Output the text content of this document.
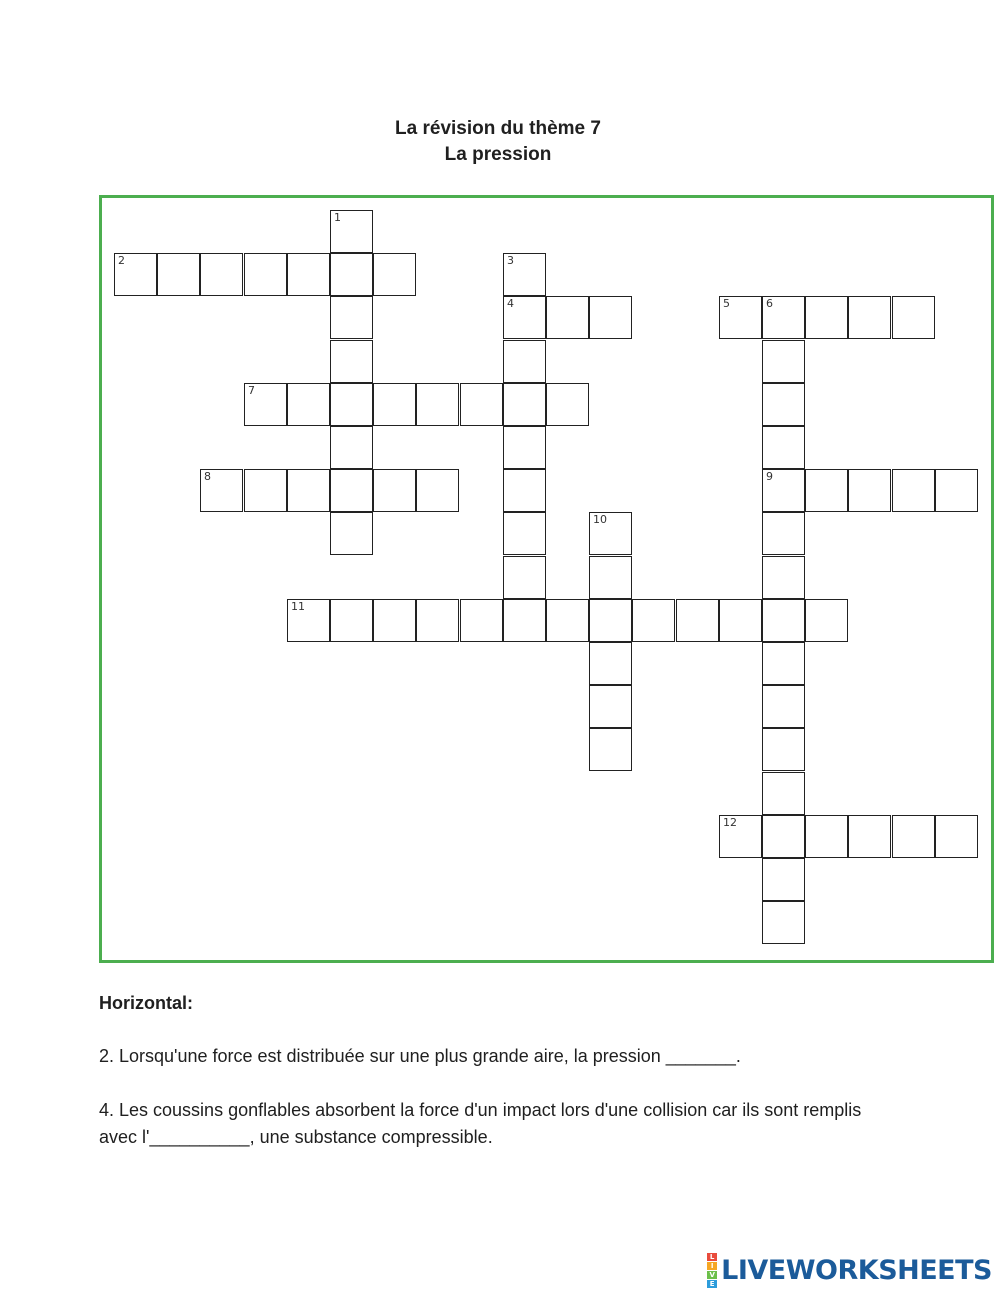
La révision du thème 7
La pression
1
2	3
4	5	6
9
7
8
10
11
12
Horizontal:

2. Lorsqu'une force est distribuée sur une plus grande aire, la pression _______.

4. Les coussins gonflables absorbent la force d'un impact lors d'une collision car ils sont remplis avec l'__________, une substance compressible.

L
I
V
E LIVEWORKSHEETS
